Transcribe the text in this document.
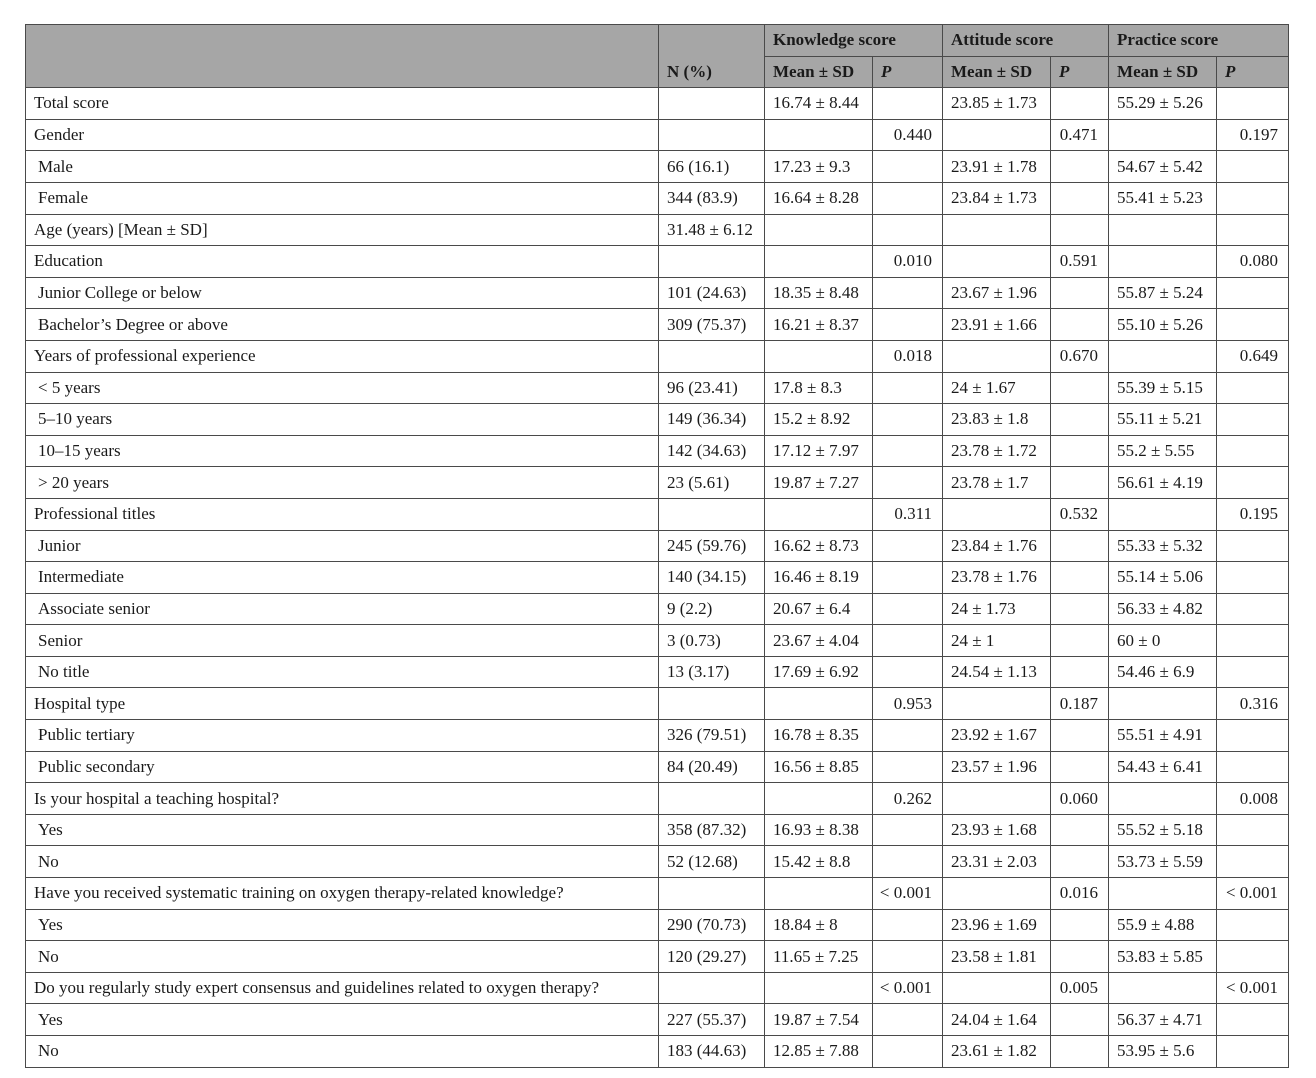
	N (%)	Knowledge score		Attitude score		Practice score	
		Mean ± SD	P	Mean ± SD	P	Mean ± SD	P
Total score		16.74 ± 8.44		23.85 ± 1.73		55.29 ± 5.26	
Gender			0.440		0.471		0.197
Male	66 (16.1)	17.23 ± 9.3		23.91 ± 1.78		54.67 ± 5.42	
Female	344 (83.9)	16.64 ± 8.28		23.84 ± 1.73		55.41 ± 5.23	
Age (years) [Mean ± SD]	31.48 ± 6.12						
Education			0.010		0.591		0.080
Junior College or below	101 (24.63)	18.35 ± 8.48		23.67 ± 1.96		55.87 ± 5.24	
Bachelor’s Degree or above	309 (75.37)	16.21 ± 8.37		23.91 ± 1.66		55.10 ± 5.26	
Years of professional experience			0.018		0.670		0.649
< 5 years	96 (23.41)	17.8 ± 8.3		24 ± 1.67		55.39 ± 5.15	
5–10 years	149 (36.34)	15.2 ± 8.92		23.83 ± 1.8		55.11 ± 5.21	
10–15 years	142 (34.63)	17.12 ± 7.97		23.78 ± 1.72		55.2 ± 5.55	
> 20 years	23 (5.61)	19.87 ± 7.27		23.78 ± 1.7		56.61 ± 4.19	
Professional titles			0.311		0.532		0.195
Junior	245 (59.76)	16.62 ± 8.73		23.84 ± 1.76		55.33 ± 5.32	
Intermediate	140 (34.15)	16.46 ± 8.19		23.78 ± 1.76		55.14 ± 5.06	
Associate senior	9 (2.2)	20.67 ± 6.4		24 ± 1.73		56.33 ± 4.82	
Senior	3 (0.73)	23.67 ± 4.04		24 ± 1		60 ± 0	
No title	13 (3.17)	17.69 ± 6.92		24.54 ± 1.13		54.46 ± 6.9	
Hospital type			0.953		0.187		0.316
Public tertiary	326 (79.51)	16.78 ± 8.35		23.92 ± 1.67		55.51 ± 4.91	
Public secondary	84 (20.49)	16.56 ± 8.85		23.57 ± 1.96		54.43 ± 6.41	
Is your hospital a teaching hospital?			0.262		0.060		0.008
Yes	358 (87.32)	16.93 ± 8.38		23.93 ± 1.68		55.52 ± 5.18	
No	52 (12.68)	15.42 ± 8.8		23.31 ± 2.03		53.73 ± 5.59	
Have you received systematic training on oxygen therapy-related knowledge?			< 0.001		0.016		< 0.001
Yes	290 (70.73)	18.84 ± 8		23.96 ± 1.69		55.9 ± 4.88	
No	120 (29.27)	11.65 ± 7.25		23.58 ± 1.81		53.83 ± 5.85	
Do you regularly study expert consensus and guidelines related to oxygen therapy?			< 0.001		0.005		< 0.001
Yes	227 (55.37)	19.87 ± 7.54		24.04 ± 1.64		56.37 ± 4.71	
No	183 (44.63)	12.85 ± 7.88		23.61 ± 1.82		53.95 ± 5.6	
